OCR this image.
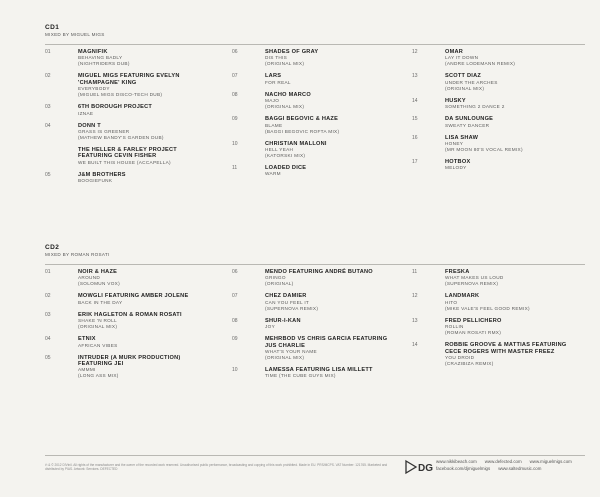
CD1
MIXED BY MIGUEL MIGS
01	MAGNIFIK
BEHAVING BADLY
(NIGHTRIDERS DUB)
02	MIGUEL MIGS FEATURING EVELYN 'CHAMPAGNE' KING
EVERYBODY
(MIGUEL MIGS DISCO-TECH DUB)
03	6TH BOROUGH PROJECT
IZNAE
04	DONN T
GRASS IS GREENER
(MATHEW BANDY'S GARDEN DUB)
THE HELLER & FARLEY PROJECT FEATURING CEVIN FISHER
WE BUILT THIS HOUSE (ACCAPELLA)
05	J&M BROTHERS
BOOGIEFUNK
06	SHADES OF GRAY
DIS THIS
(ORIGINAL MIX)
07	LARS
FOR REAL
08	NACHO MARCO
MAJO
(ORIGINAL MIX)
09	BAGGI BEGOVIC & HAZE
BLAME
(BAGGI BEGOVIC ROFTA MIX)
10	CHRISTIAN MALLONI
HELL YEAH
(KATORSKI MIX)
11	LOADED DICE
WARM
12	OMAR
LAY IT DOWN
(ANDRE LODEMANN REMIX)
13	SCOTT DIAZ
UNDER THE ARCHES
(ORIGINAL MIX)
14	HUSKY
SOMETHING 2 DANCE 2
15	DA SUNLOUNGE
SWEATY DANCER
16	LISA SHAW
HONEY
(MR MOON 80'S VOCAL REMIX)
17	HOTBOX
MELODY
CD2
MIXED BY ROMAN ROSATI
01	NOIR & HAZE
AROUND
(SOLOMUN VOX)
02	MOWGLI FEATURING AMBER JOLENE
BACK IN THE DAY
03	ERIK HAGLETON & ROMAN ROSATI
SHAKE 'N ROLL
(ORIGINAL MIX)
04	ETNIX
AFRICAN VIBES
05	INTRUDER (A MURK PRODUCTION) FEATURING JEI
AMMMI
(LONG ASS MIX)
06	MENDO FEATURING ANDRÉ BUTANO
GRINGO
(ORIGINAL)
07	CHEZ DAMIER
CAN YOU FEEL IT
(SUPERNOVA REMIX)
08	SHUR-I-KAN
JOY
09	MEHRBOD VS CHRIS GARCIA FEATURING JUS CHARLIE
WHAT'S YOUR NAME
(ORIGINAL MIX)
10	LAMESSA FEATURING LISA MILLETT
TIME (THE CUBE GUYS MIX)
11	FRESKA
WHAT MAKES US LOUD
(SUPERNOVA REMIX)
12	LANDMARK
HITO
(MIKE VALE'S FEEL GOOD REMIX)
13	FRED PELLICHERO
ROLLIN
(ROMAN ROSATI RMX)
14	ROBBIE GROOVE & MATTIAS FEATURING CECE ROGERS WITH MASTER FREEZ
YOU DROID
(CRAZIBIZA REMIX)
℗ & © 2012 D!Vinil. All rights of the manufacturer and the owner of the recorded work reserved. Unauthorised public performance, broadcasting and copying of this work prohibited. Made in EU. PRS/MCPS. VAT Number: 121765. Marketed and distributed by PIAS. Artwork: Services. DEFECTED	DG
www.nikkibeach.com www.defected.com www.miguelmigs.com
facebook.com/djmiguelmigs www.saltedmusic.com
